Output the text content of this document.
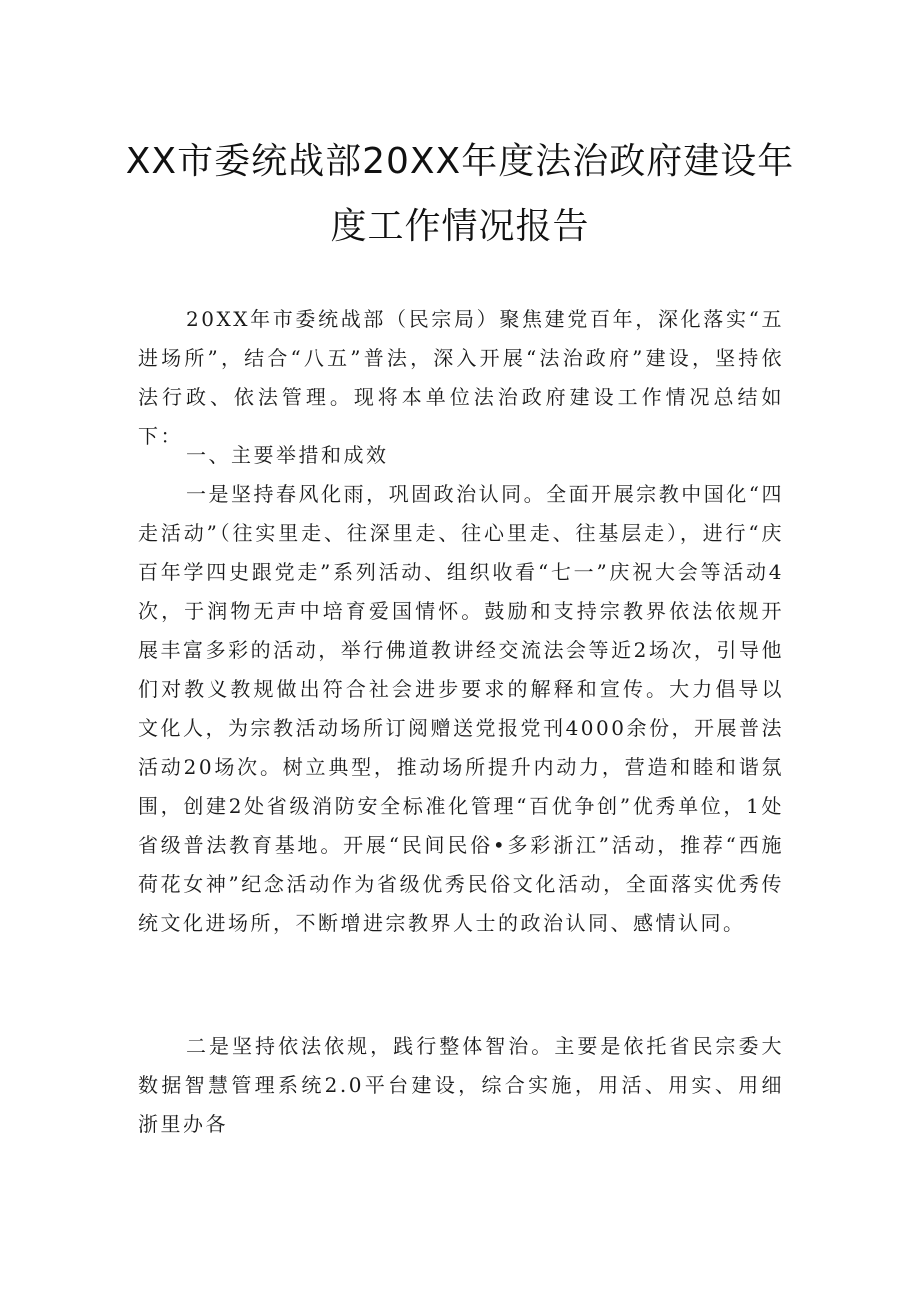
XX市委统战部20XX年度法治政府建设年
度工作情况报告

20XX年市委统战部（民宗局）聚焦建党百年，深化落实“五进场所”，结合“八五”普法，深入开展“法治政府”建设，坚持依法行政、依法管理。现将本单位法治政府建设工作情况总结如下：

一、主要举措和成效

一是坚持春风化雨，巩固政治认同。全面开展宗教中国化“四走活动”（往实里走、往深里走、往心里走、往基层走），进行“庆百年学四史跟党走”系列活动、组织收看“七一”庆祝大会等活动4次，于润物无声中培育爱国情怀。鼓励和支持宗教界依法依规开展丰富多彩的活动，举行佛道教讲经交流法会等近2场次，引导他们对教义教规做出符合社会进步要求的解释和宣传。大力倡导以文化人，为宗教活动场所订阅赠送党报党刊4000余份，开展普法活动20场次。树立典型，推动场所提升内动力，营造和睦和谐氛围，创建2处省级消防安全标准化管理“百优争创”优秀单位，1处省级普法教育基地。开展“民间民俗•多彩浙江”活动，推荐“西施荷花女神”纪念活动作为省级优秀民俗文化活动，全面落实优秀传统文化进场所，不断增进宗教界人士的政治认同、感情认同。

二是坚持依法依规，践行整体智治。主要是依托省民宗委大数据智慧管理系统2.0平台建设，综合实施，用活、用实、用细浙里办各
